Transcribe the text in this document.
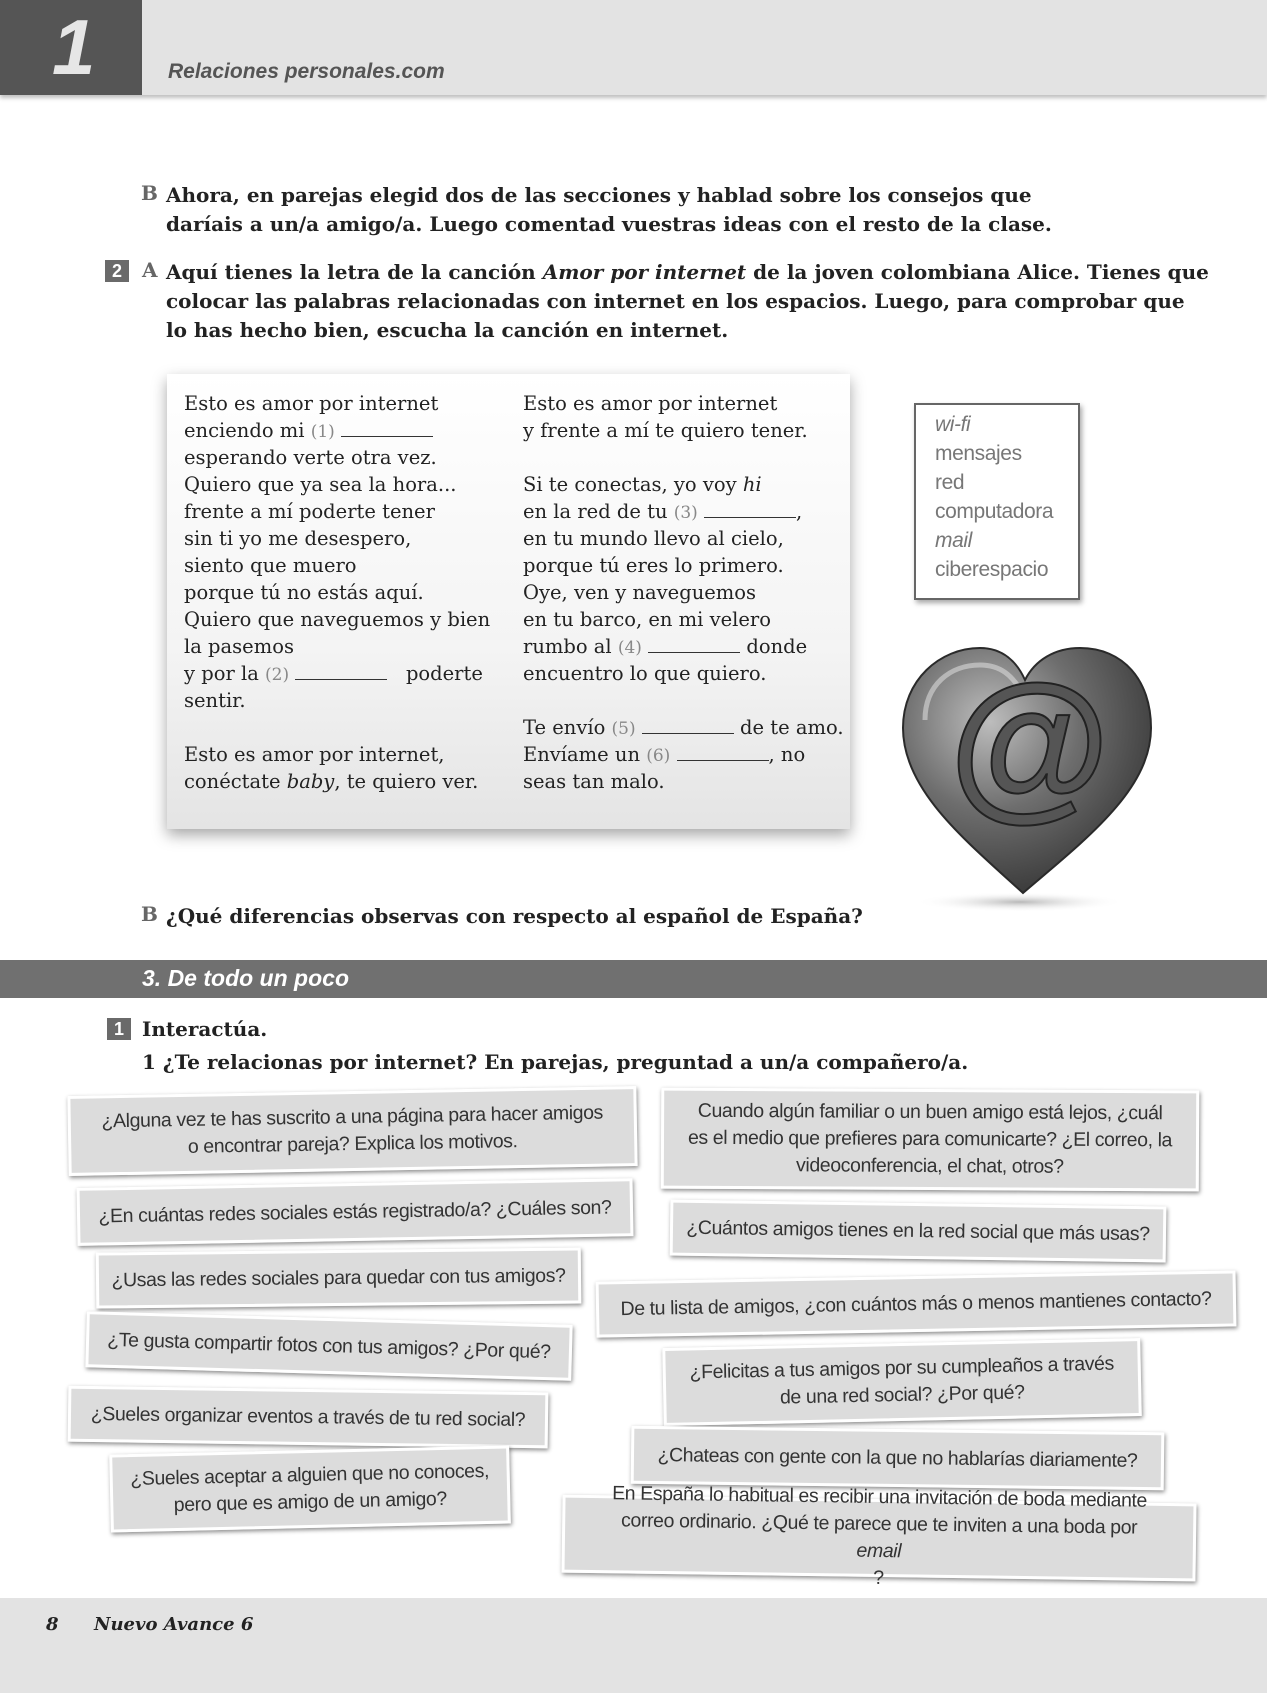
1	Relaciones personales.com
B Ahora, en parejas elegid dos de las secciones y hablad sobre los consejos que
daríais a un/a amigo/a. Luego comentad vuestras ideas con el resto de la clase.
2	A Aquí tienes la letra de la canción Amor por internet de la joven colombiana Alice. Tienes que
colocar las palabras relacionadas con internet en los espacios. Luego, para comprobar que
lo has hecho bien, escucha la canción en internet.
Esto es amor por internet
enciendo mi (1)
esperando verte otra vez.
Quiero que ya sea la hora...
frente a mí poderte tener
sin ti yo me desespero,
siento que muero
porque tú no estás aquí.
Quiero que naveguemos y bien
la pasemos
y por la (2)	poderte
sentir.
Esto es amor por internet,
conéctate baby, te quiero ver.
Esto es amor por internet
y frente a mí te quiero tener.
Si te conectas, yo voy hi
en la red de tu (3)	,
en tu mundo llevo al cielo,
porque tú eres lo primero.
Oye, ven y naveguemos
en tu barco, en mi velero
rumbo al (4)	donde
encuentro lo que quiero.
Te envío (5)	de te amo.
Envíame un (6)	, no
seas tan malo.
wi-fi
mensajes
red
computadora
mail
ciberespacio
@
B ¿Qué diferencias observas con respecto al español de España?
3. De todo un poco
1 Interactúa.
1 ¿Te relacionas por internet? En parejas, preguntad a un/a compañero/a.
¿Alguna vez te has suscrito a una página para hacer amigos
o encontrar pareja? Explica los motivos.
Cuando algún familiar o un buen amigo está lejos, ¿cuál
es el medio que prefieres para comunicarte? ¿El correo, la
videoconferencia, el chat, otros?
¿En cuántas redes sociales estás registrado/a? ¿Cuáles son?
¿Cuántos amigos tienes en la red social que más usas?
¿Usas las redes sociales para quedar con tus amigos?
De tu lista de amigos, ¿con cuántos más o menos mantienes contacto?
¿Te gusta compartir fotos con tus amigos? ¿Por qué?
¿Felicitas a tus amigos por su cumpleaños a través
de una red social? ¿Por qué?
¿Sueles organizar eventos a través de tu red social?
¿Chateas con gente con la que no hablarías diariamente?
¿Sueles aceptar a alguien que no conoces,
pero que es amigo de un amigo?	En España lo habitual es recibir una invitación de boda mediante
correo ordinario. ¿Qué te parece que te inviten a una boda por
email
?
8 Nuevo Avance 6
